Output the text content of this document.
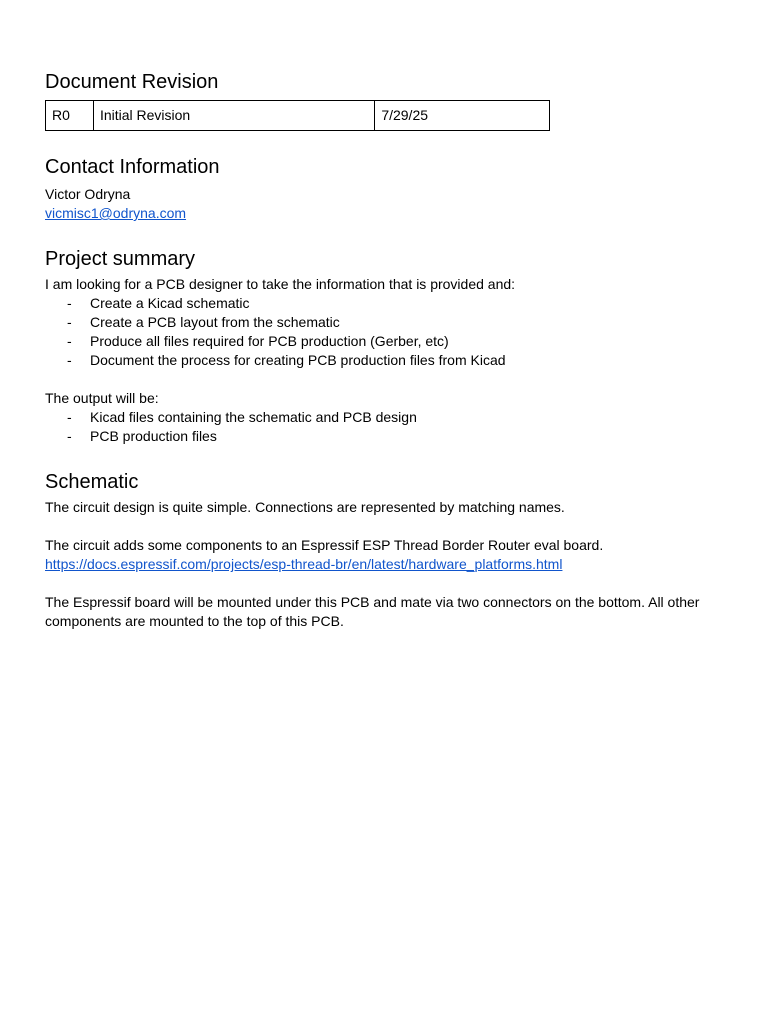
Document Revision
R0	Initial Revision	7/29/25
Contact Information

Victor Odryna

vicmisc1@odryna.com

Project summary

I am looking for a PCB designer to take the information that is provided and:

- Create a Kicad schematic
- Create a PCB layout from the schematic
- Produce all files required for PCB production (Gerber, etc)
- Document the process for creating PCB production files from Kicad

The output will be:

- Kicad files containing the schematic and PCB design
- PCB production files
Schematic

The circuit design is quite simple. Connections are represented by matching names.

The circuit adds some components to an Espressif ESP Thread Border Router eval board.

https://docs.espressif.com/projects/esp-thread-br/en/latest/hardware_platforms.html

The Espressif board will be mounted under this PCB and mate via two connectors on the bottom. All other components are mounted to the top of this PCB.
